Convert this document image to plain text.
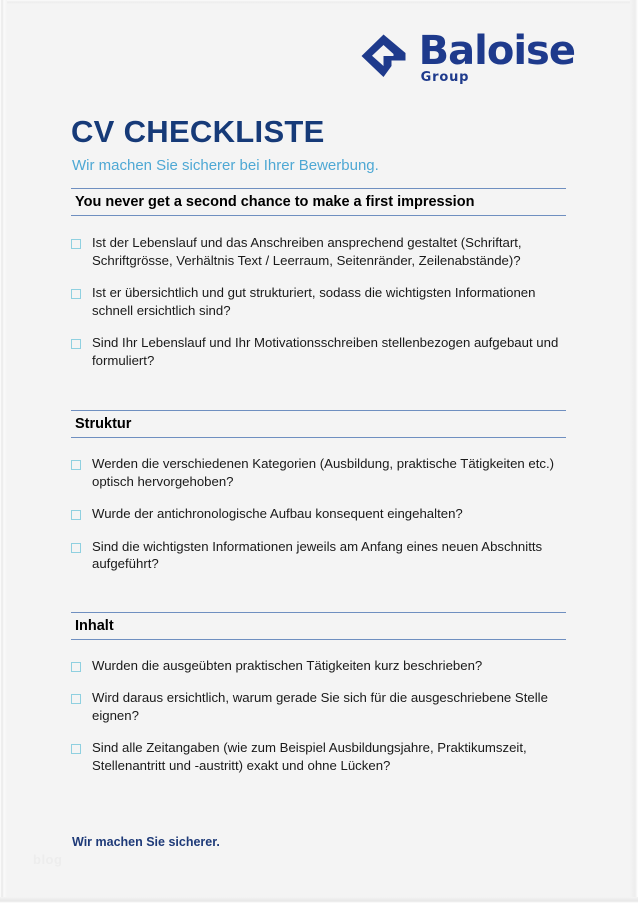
Baloise
Group
CV CHECKLISTE
Wir machen Sie sicherer bei Ihrer Bewerbung.
You never get a second chance to make a first impression
Ist der Lebenslauf und das Anschreiben ansprechend gestaltet (Schriftart, Schriftgrösse, Verhältnis Text / Leerraum, Seitenränder, Zeilenabstände)?
Ist er übersichtlich und gut strukturiert, sodass die wichtigsten Informationen schnell ersichtlich sind?
Sind Ihr Lebenslauf und Ihr Motivationsschreiben stellenbezogen aufgebaut und formuliert?
Struktur
Werden die verschiedenen Kategorien (Ausbildung, praktische Tätigkeiten etc.) optisch hervorgehoben?
Wurde der antichronologische Aufbau konsequent eingehalten?
Sind die wichtigsten Informationen jeweils am Anfang eines neuen Abschnitts aufgeführt?
Inhalt
Wurden die ausgeübten praktischen Tätigkeiten kurz beschrieben?
Wird daraus ersichtlich, warum gerade Sie sich für die ausgeschriebene Stelle eignen?
Sind alle Zeitangaben (wie zum Beispiel Ausbildungsjahre, Praktikumszeit, Stellenantritt und -austritt) exakt und ohne Lücken?
Wir machen Sie sicherer.
blog
